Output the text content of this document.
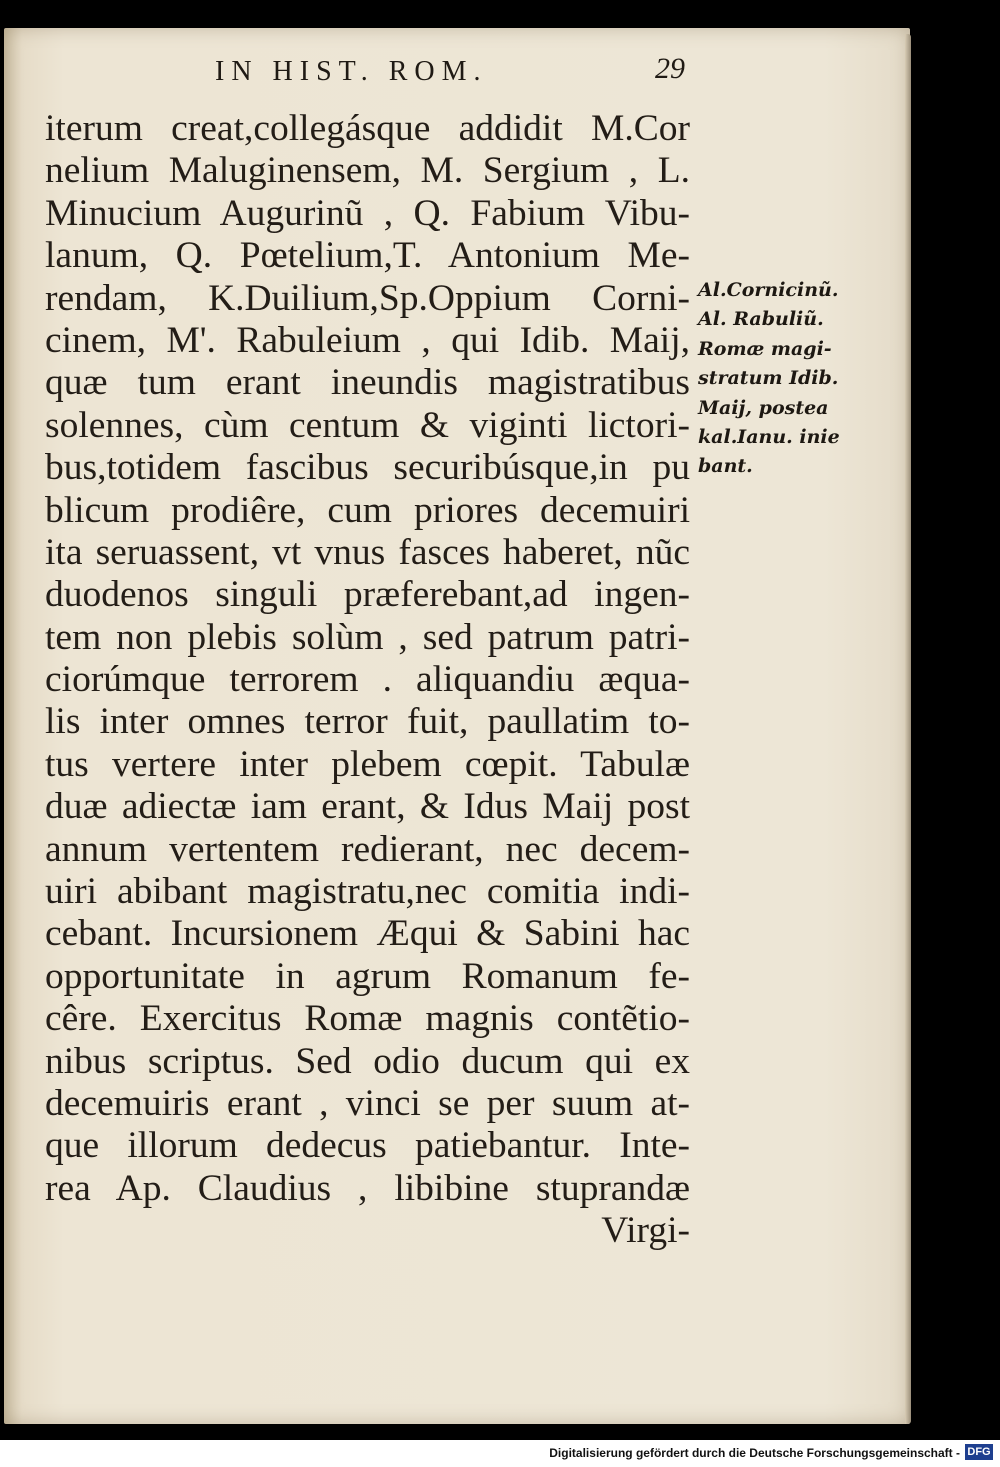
IN HIST. ROM.	29
iterum creat,collegásque addidit M.Cor
nelium Maluginensem, M. Sergium , L.
Minucium Augurinũ , Q. Fabium Vibu-
lanum, Q. Pœtelium,T. Antonium Me-
rendam, K.Duilium,Sp.Oppium Corni-
cinem, M'. Rabuleium , qui Idib. Maij,
quæ tum erant ineundis magistratibus
solennes, cùm centum & viginti lictori-
bus,totidem fascibus securibúsque,in pu
blicum prodiêre, cum priores decemuiri
ita seruassent, vt vnus fasces haberet, nũc
duodenos singuli præferebant,ad ingen-
tem non plebis solùm , sed patrum patri-
ciorúmque terrorem . aliquandiu æqua-
lis inter omnes terror fuit, paullatim to-
tus vertere inter plebem cœpit. Tabulæ
duæ adiectæ iam erant, & Idus Maij post
annum vertentem redierant, nec decem-
uiri abibant magistratu,nec comitia indi-
cebant. Incursionem Æqui & Sabini hac
opportunitate in agrum Romanum fe-
cêre. Exercitus Romæ magnis contẽtio-
nibus scriptus. Sed odio ducum qui ex
decemuiris erant , vinci se per suum at-
que illorum dedecus patiebantur. Inte-
rea Ap. Claudius , libibine stuprandæ
Virgi-
Al.Cornicinũ.
Al. Rabuliũ.
Romæ magi-
stratum Idib.
Maij, postea
kal.Ianu. inie
bant.
Digitalisierung gefördert durch die Deutsche Forschungsgemeinschaft - DFG
